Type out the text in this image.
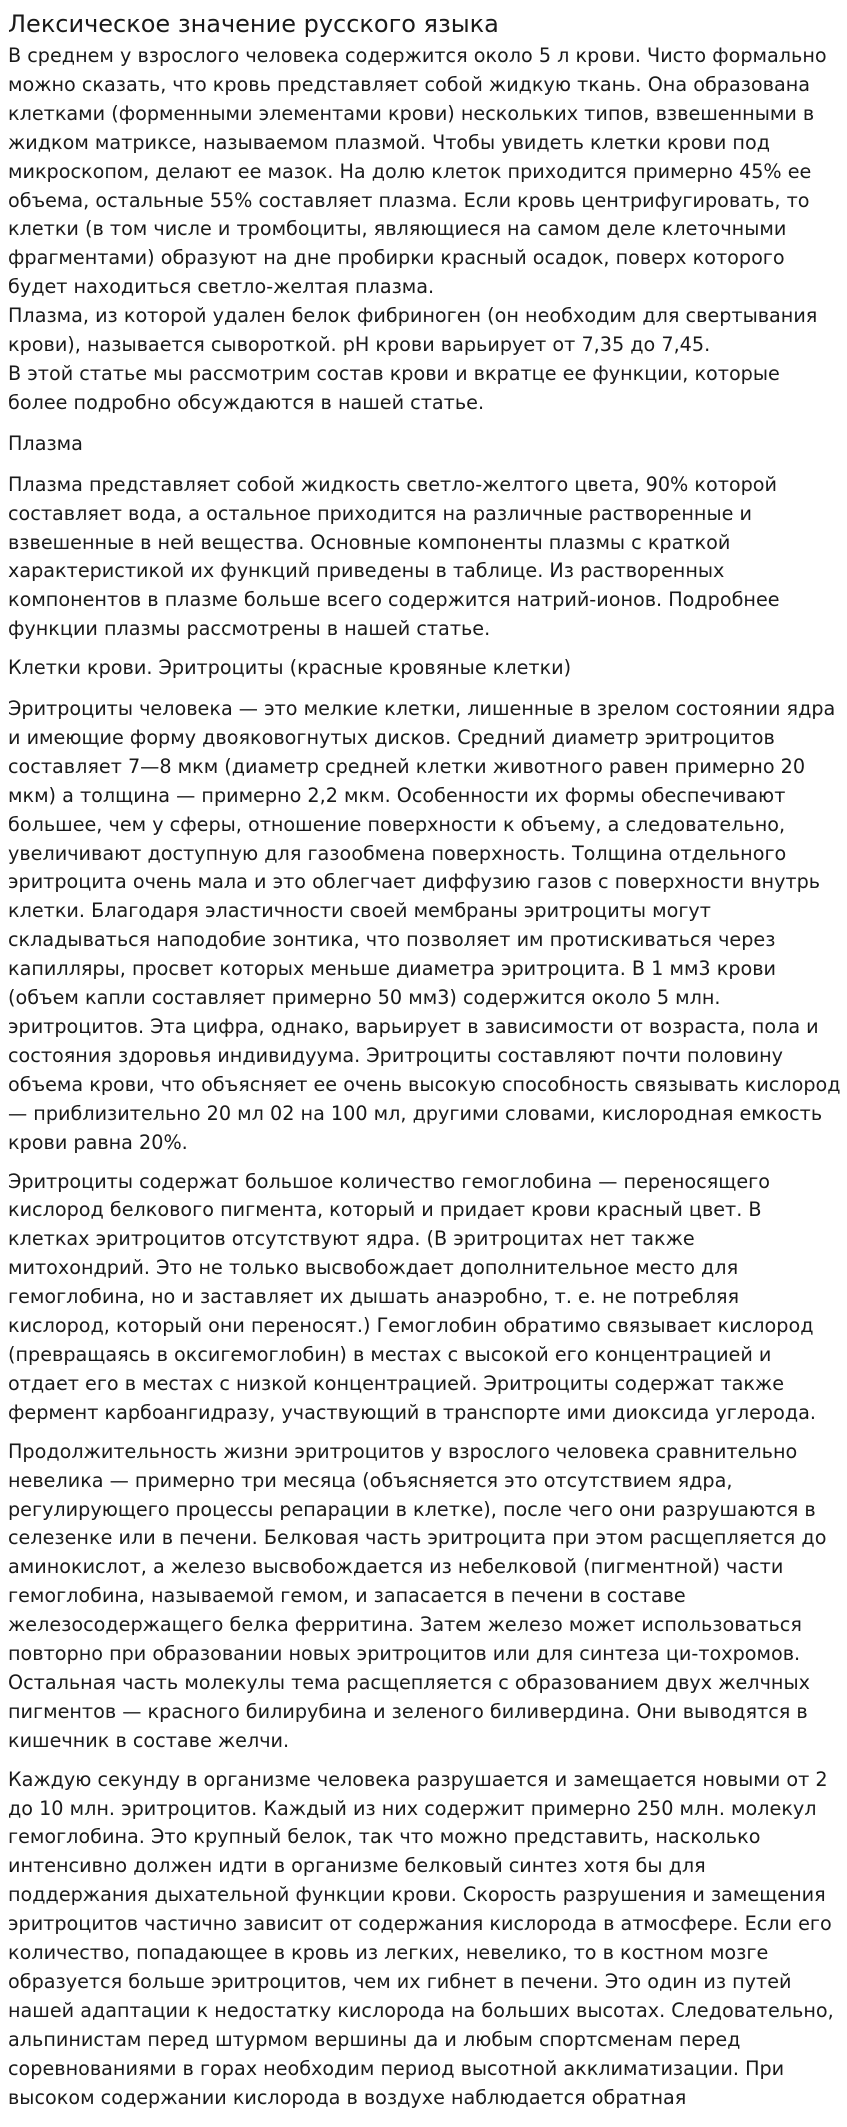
Лексическое значение русского языка

В среднем у взрослого человека содержится около 5 л крови. Чисто формально можно сказать, что кровь представляет собой жидкую ткань. Она образована клетками (форменными элементами крови) нескольких типов, взвешенными в жидком матриксе, называемом плазмой. Чтобы увидеть клетки крови под микроскопом, делают ее мазок. На долю клеток приходится примерно 45% ее объема, остальные 55% составляет плазма. Если кровь центрифугировать, то клетки (в том числе и тромбоциты, являющиеся на самом деле клеточными фрагментами) образуют на дне пробирки красный осадок, поверх которого будет находиться светло-желтая плазма.
Плазма, из которой удален белок фибриноген (он необходим для свертывания крови), называется сывороткой. pH крови варьирует от 7,35 до 7,45.
В этой статье мы рассмотрим состав крови и вкратце ее функции, которые более подробно обсуждаются в нашей статье.

Плазма

Плазма представляет собой жидкость светло-желтого цвета, 90% которой составляет вода, а остальное приходится на различные растворенные и взвешенные в ней вещества. Основные компоненты плазмы с краткой характеристикой их функций приведены в таблице. Из растворенных компонентов в плазме больше всего содержится натрий-ионов. Подробнее функции плазмы рассмотрены в нашей статье.

Клетки крови. Эритроциты (красные кровяные клетки)

Эритроциты человека — это мелкие клетки, лишенные в зрелом состоянии ядра и имеющие форму двояковогнутых дисков. Средний диаметр эритроцитов составляет 7—8 мкм (диаметр средней клетки животного равен примерно 20 мкм) а толщина — примерно 2,2 мкм. Особенности их формы обеспечивают большее, чем у сферы, отношение поверхности к объему, а следовательно, увеличивают доступную для газообмена поверхность. Толщина отдельного эритроцита очень мала и это облегчает диффузию газов с поверхности внутрь клетки. Благодаря эластичности своей мембраны эритроциты могут складываться наподобие зонтика, что позволяет им протискиваться через капилляры, просвет которых меньше диаметра эритроцита. В 1 мм3 крови (объем капли составляет примерно 50 мм3) содержится около 5 млн. эритроцитов. Эта цифра, однако, варьирует в зависимости от возраста, пола и состояния здоровья индивидуума. Эритроциты составляют почти половину объема крови, что объясняет ее очень высокую способность связывать кислород — приблизительно 20 мл 02 на 100 мл, другими словами, кислородная емкость крови равна 20%.

Эритроциты содержат большое количество гемоглобина — переносящего кислород белкового пигмента, который и придает крови красный цвет. В клетках эритроцитов отсутствуют ядра. (В эритроцитах нет также митохондрий. Это не только высвобождает дополнительное место для гемоглобина, но и заставляет их дышать анаэробно, т. е. не потребляя кислород, который они переносят.) Гемоглобин обратимо связывает кислород (превращаясь в оксигемоглобин) в местах с высокой его концентрацией и отдает его в местах с низкой концентрацией. Эритроциты содержат также фермент карбоангидразу, участвующий в транспорте ими диоксида углерода.

Продолжительность жизни эритроцитов у взрослого человека сравнительно невелика — примерно три месяца (объясняется это отсутствием ядра, регулирующего процессы репарации в клетке), после чего они разрушаются в селезенке или в печени. Белковая часть эритроцита при этом расщепляется до аминокислот, а железо высвобождается из небелковой (пигментной) части гемоглобина, называемой гемом, и запасается в печени в составе железосодержащего белка ферритина. Затем железо может использоваться повторно при образовании новых эритроцитов или для синтеза ци-тохромов. Остальная часть молекулы тема расщепляется с образованием двух желчных пигментов — красного билирубина и зеленого биливердина. Они выводятся в кишечник в составе желчи.

Каждую секунду в организме человека разрушается и замещается новыми от 2 до 10 млн. эритроцитов. Каждый из них содержит примерно 250 млн. молекул гемоглобина. Это крупный белок, так что можно представить, насколько интенсивно должен идти в организме белковый синтез хотя бы для поддержания дыхательной функции крови. Скорость разрушения и замещения эритроцитов частично зависит от содержания кислорода в атмосфере. Если его количество, попадающее в кровь из легких, невелико, то в костном мозге образуется больше эритроцитов, чем их гибнет в печени. Это один из путей нашей адаптации к недостатку кислорода на больших высотах. Следовательно, альпинистам перед штурмом вершины да и любым спортсменам перед соревнованиями в горах необходим период высотной акклиматизации. При высоком содержании кислорода в воздухе наблюдается обратная
